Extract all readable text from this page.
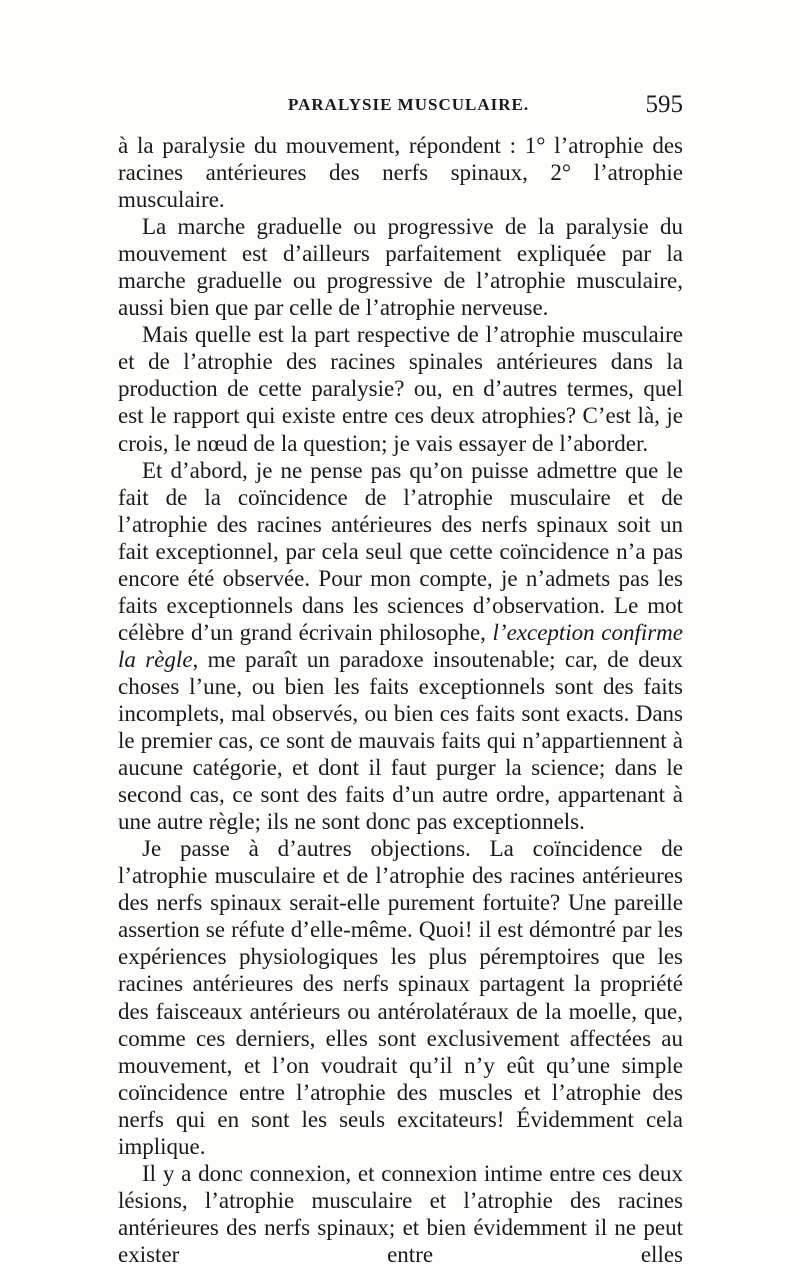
PARALYSIE MUSCULAIRE.	595

à la paralysie du mouvement, répondent : 1° l’atrophie des racines antérieures des nerfs spinaux, 2° l’atrophie musculaire.

La marche graduelle ou progressive de la paralysie du mouvement est d’ailleurs parfaitement expliquée par la marche graduelle ou progressive de l’atrophie musculaire, aussi bien que par celle de l’atrophie nerveuse.

Mais quelle est la part respective de l’atrophie musculaire et de l’atrophie des racines spinales antérieures dans la production de cette paralysie? ou, en d’autres termes, quel est le rapport qui existe entre ces deux atrophies? C’est là, je crois, le nœud de la question; je vais essayer de l’aborder.

Et d’abord, je ne pense pas qu’on puisse admettre que le fait de la coïncidence de l’atrophie musculaire et de l’atrophie des racines antérieures des nerfs spinaux soit un fait exceptionnel, par cela seul que cette coïncidence n’a pas encore été observée. Pour mon compte, je n’admets pas les faits exceptionnels dans les sciences d’observation. Le mot célèbre d’un grand écrivain philosophe, l’exception confirme la règle, me paraît un paradoxe insoutenable; car, de deux choses l’une, ou bien les faits exceptionnels sont des faits incomplets, mal observés, ou bien ces faits sont exacts. Dans le premier cas, ce sont de mauvais faits qui n’appartiennent à aucune catégorie, et dont il faut purger la science; dans le second cas, ce sont des faits d’un autre ordre, appartenant à une autre règle; ils ne sont donc pas exceptionnels.

Je passe à d’autres objections. La coïncidence de l’atrophie musculaire et de l’atrophie des racines antérieures des nerfs spinaux serait-elle purement fortuite? Une pareille assertion se réfute d’elle-même. Quoi! il est démontré par les expériences physiologiques les plus péremptoires que les racines antérieures des nerfs spinaux partagent la propriété des faisceaux antérieurs ou antérolatéraux de la moelle, que, comme ces derniers, elles sont exclusivement affectées au mouvement, et l’on voudrait qu’il n’y eût qu’une simple coïncidence entre l’atrophie des muscles et l’atrophie des nerfs qui en sont les seuls excitateurs! Évidemment cela implique.

Il y a donc connexion, et connexion intime entre ces deux lésions, l’atrophie musculaire et l’atrophie des racines antérieures des nerfs spinaux; et bien évidemment il ne peut exister entre elles
